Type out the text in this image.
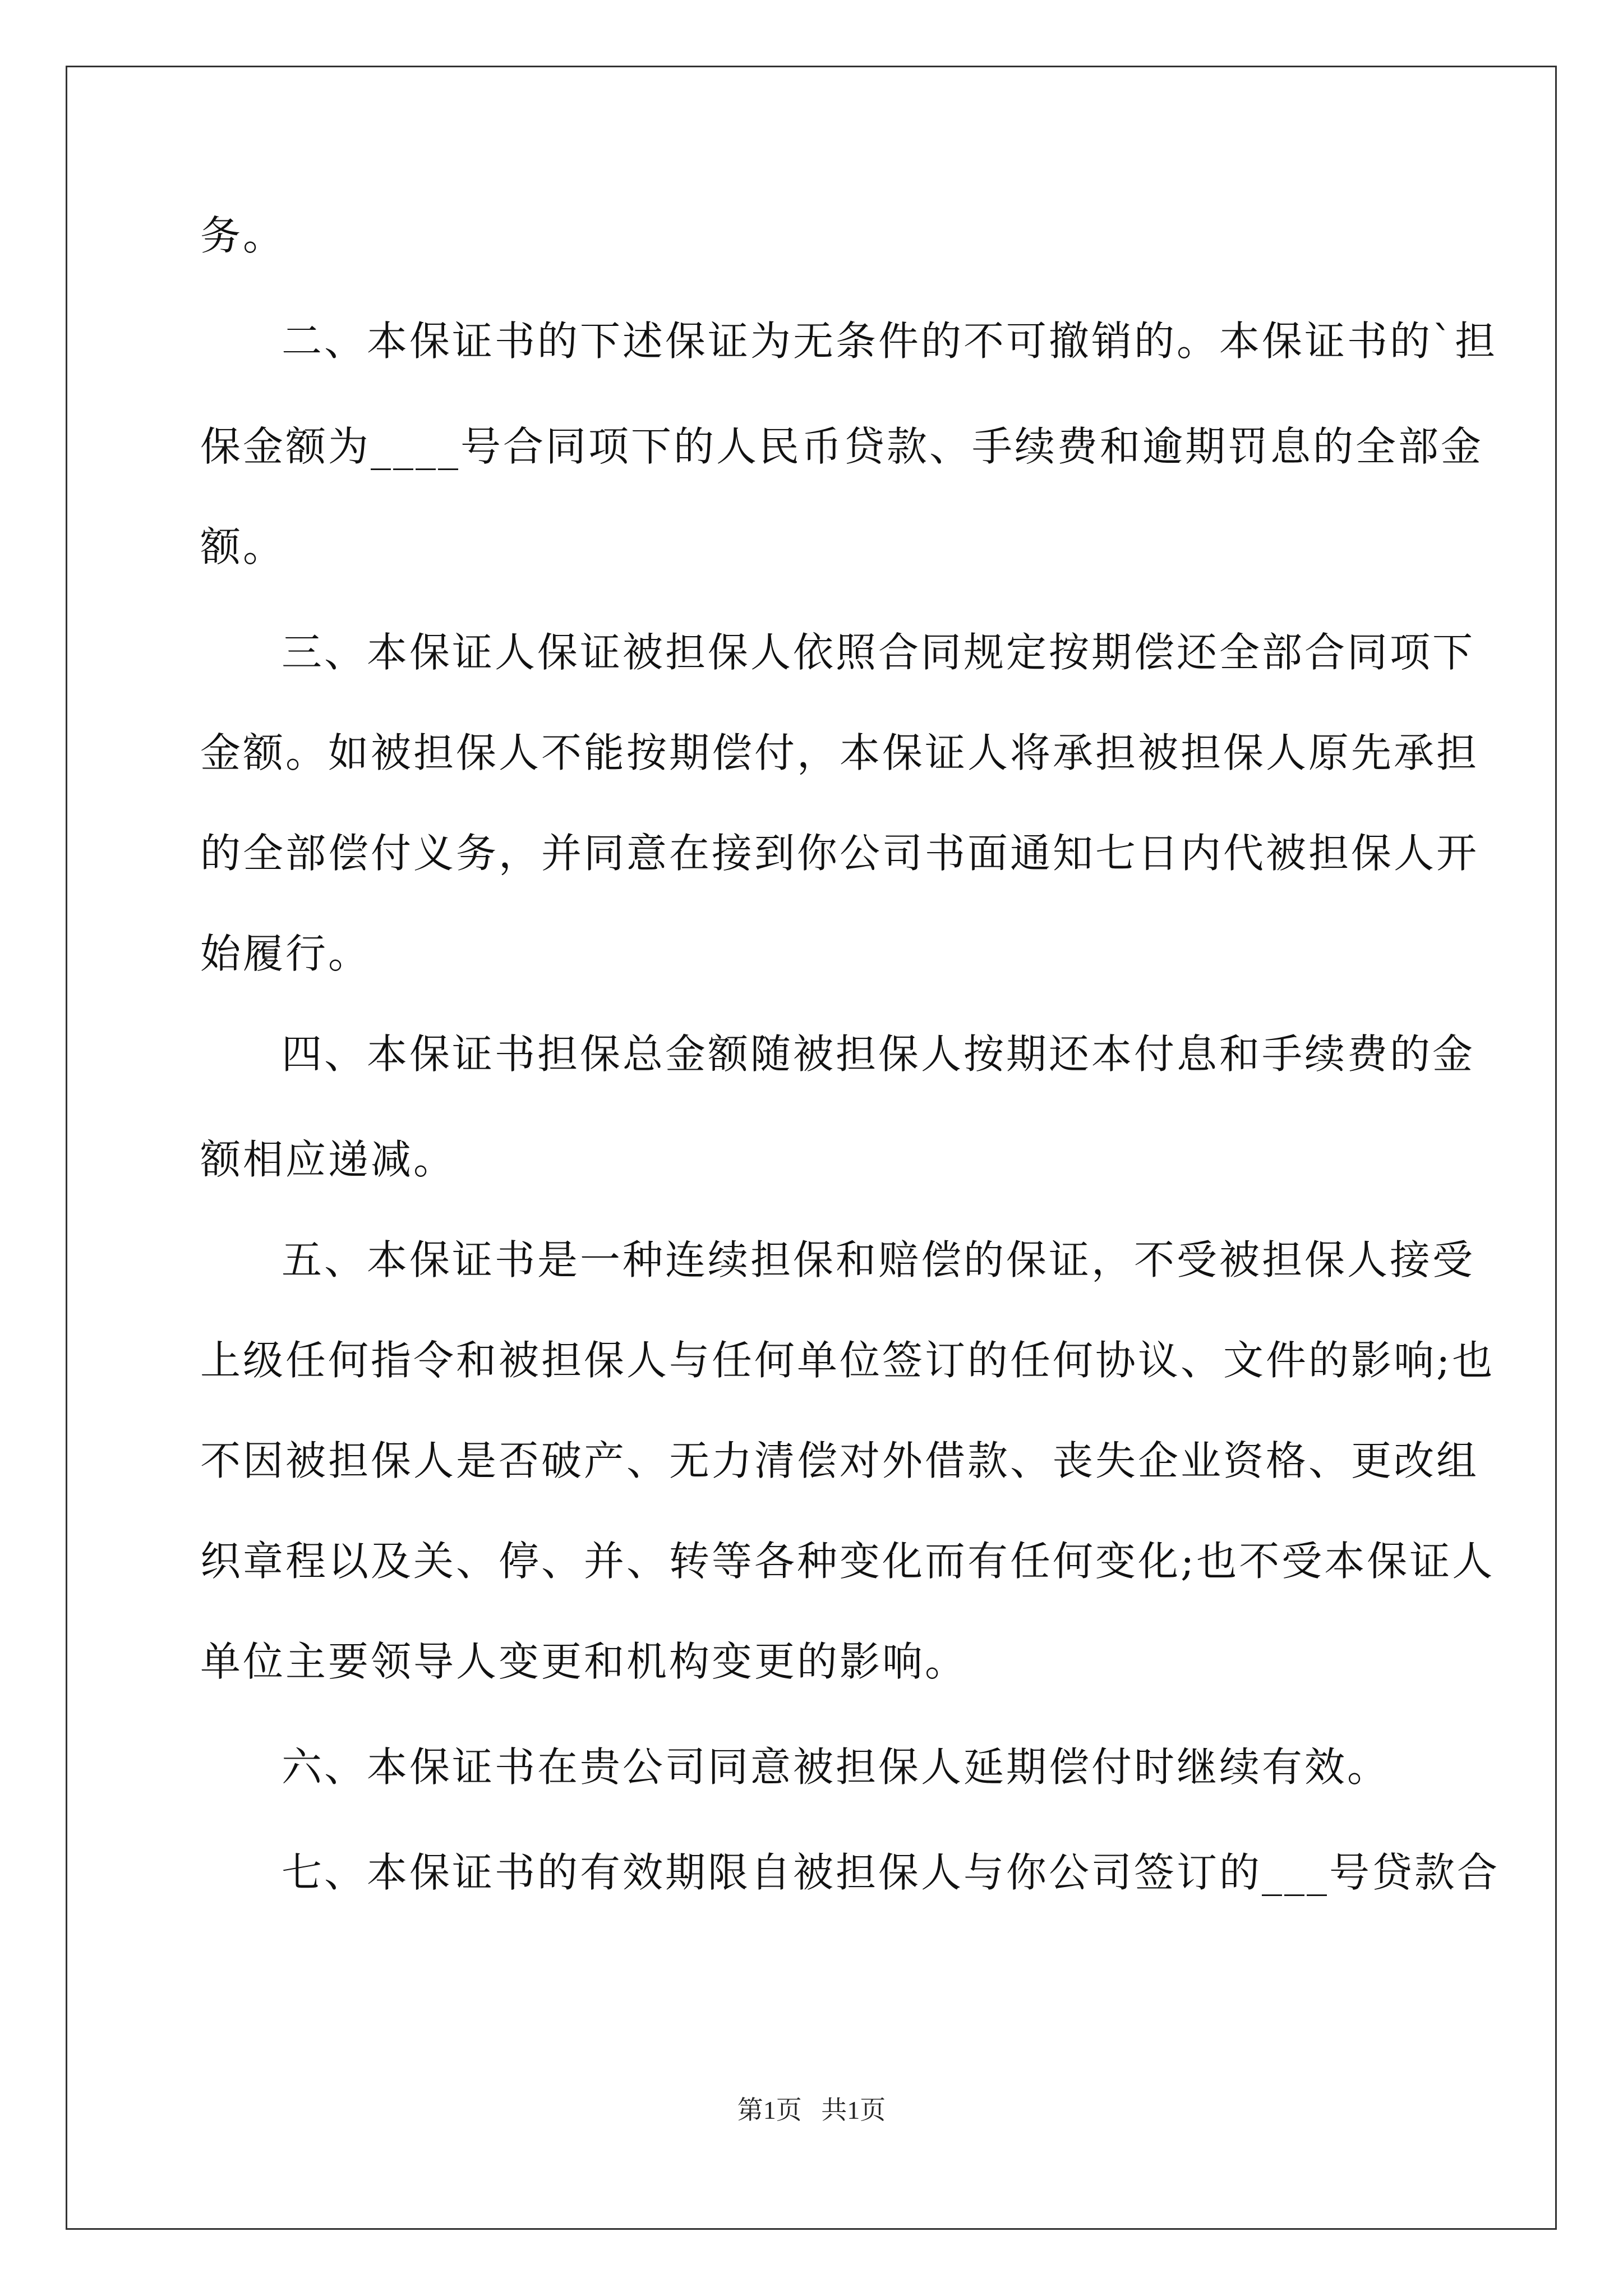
务。
二、本保证书的下述保证为无条件的不可撤销的。本保证书的`担
保金额为____号合同项下的人民币贷款、手续费和逾期罚息的全部金
额。
三、本保证人保证被担保人依照合同规定按期偿还全部合同项下
金额。如被担保人不能按期偿付，本保证人将承担被担保人原先承担
的全部偿付义务，并同意在接到你公司书面通知七日内代被担保人开
始履行。
四、本保证书担保总金额随被担保人按期还本付息和手续费的金
额相应递减。
五、本保证书是一种连续担保和赔偿的保证，不受被担保人接受
上级任何指令和被担保人与任何单位签订的任何协议、文件的影响;也
不因被担保人是否破产、无力清偿对外借款、丧失企业资格、更改组
织章程以及关、停、并、转等各种变化而有任何变化;也不受本保证人
单位主要领导人变更和机构变更的影响。
六、本保证书在贵公司同意被担保人延期偿付时继续有效。
七、本保证书的有效期限自被担保人与你公司签订的___号贷款合
第1页   共1页
